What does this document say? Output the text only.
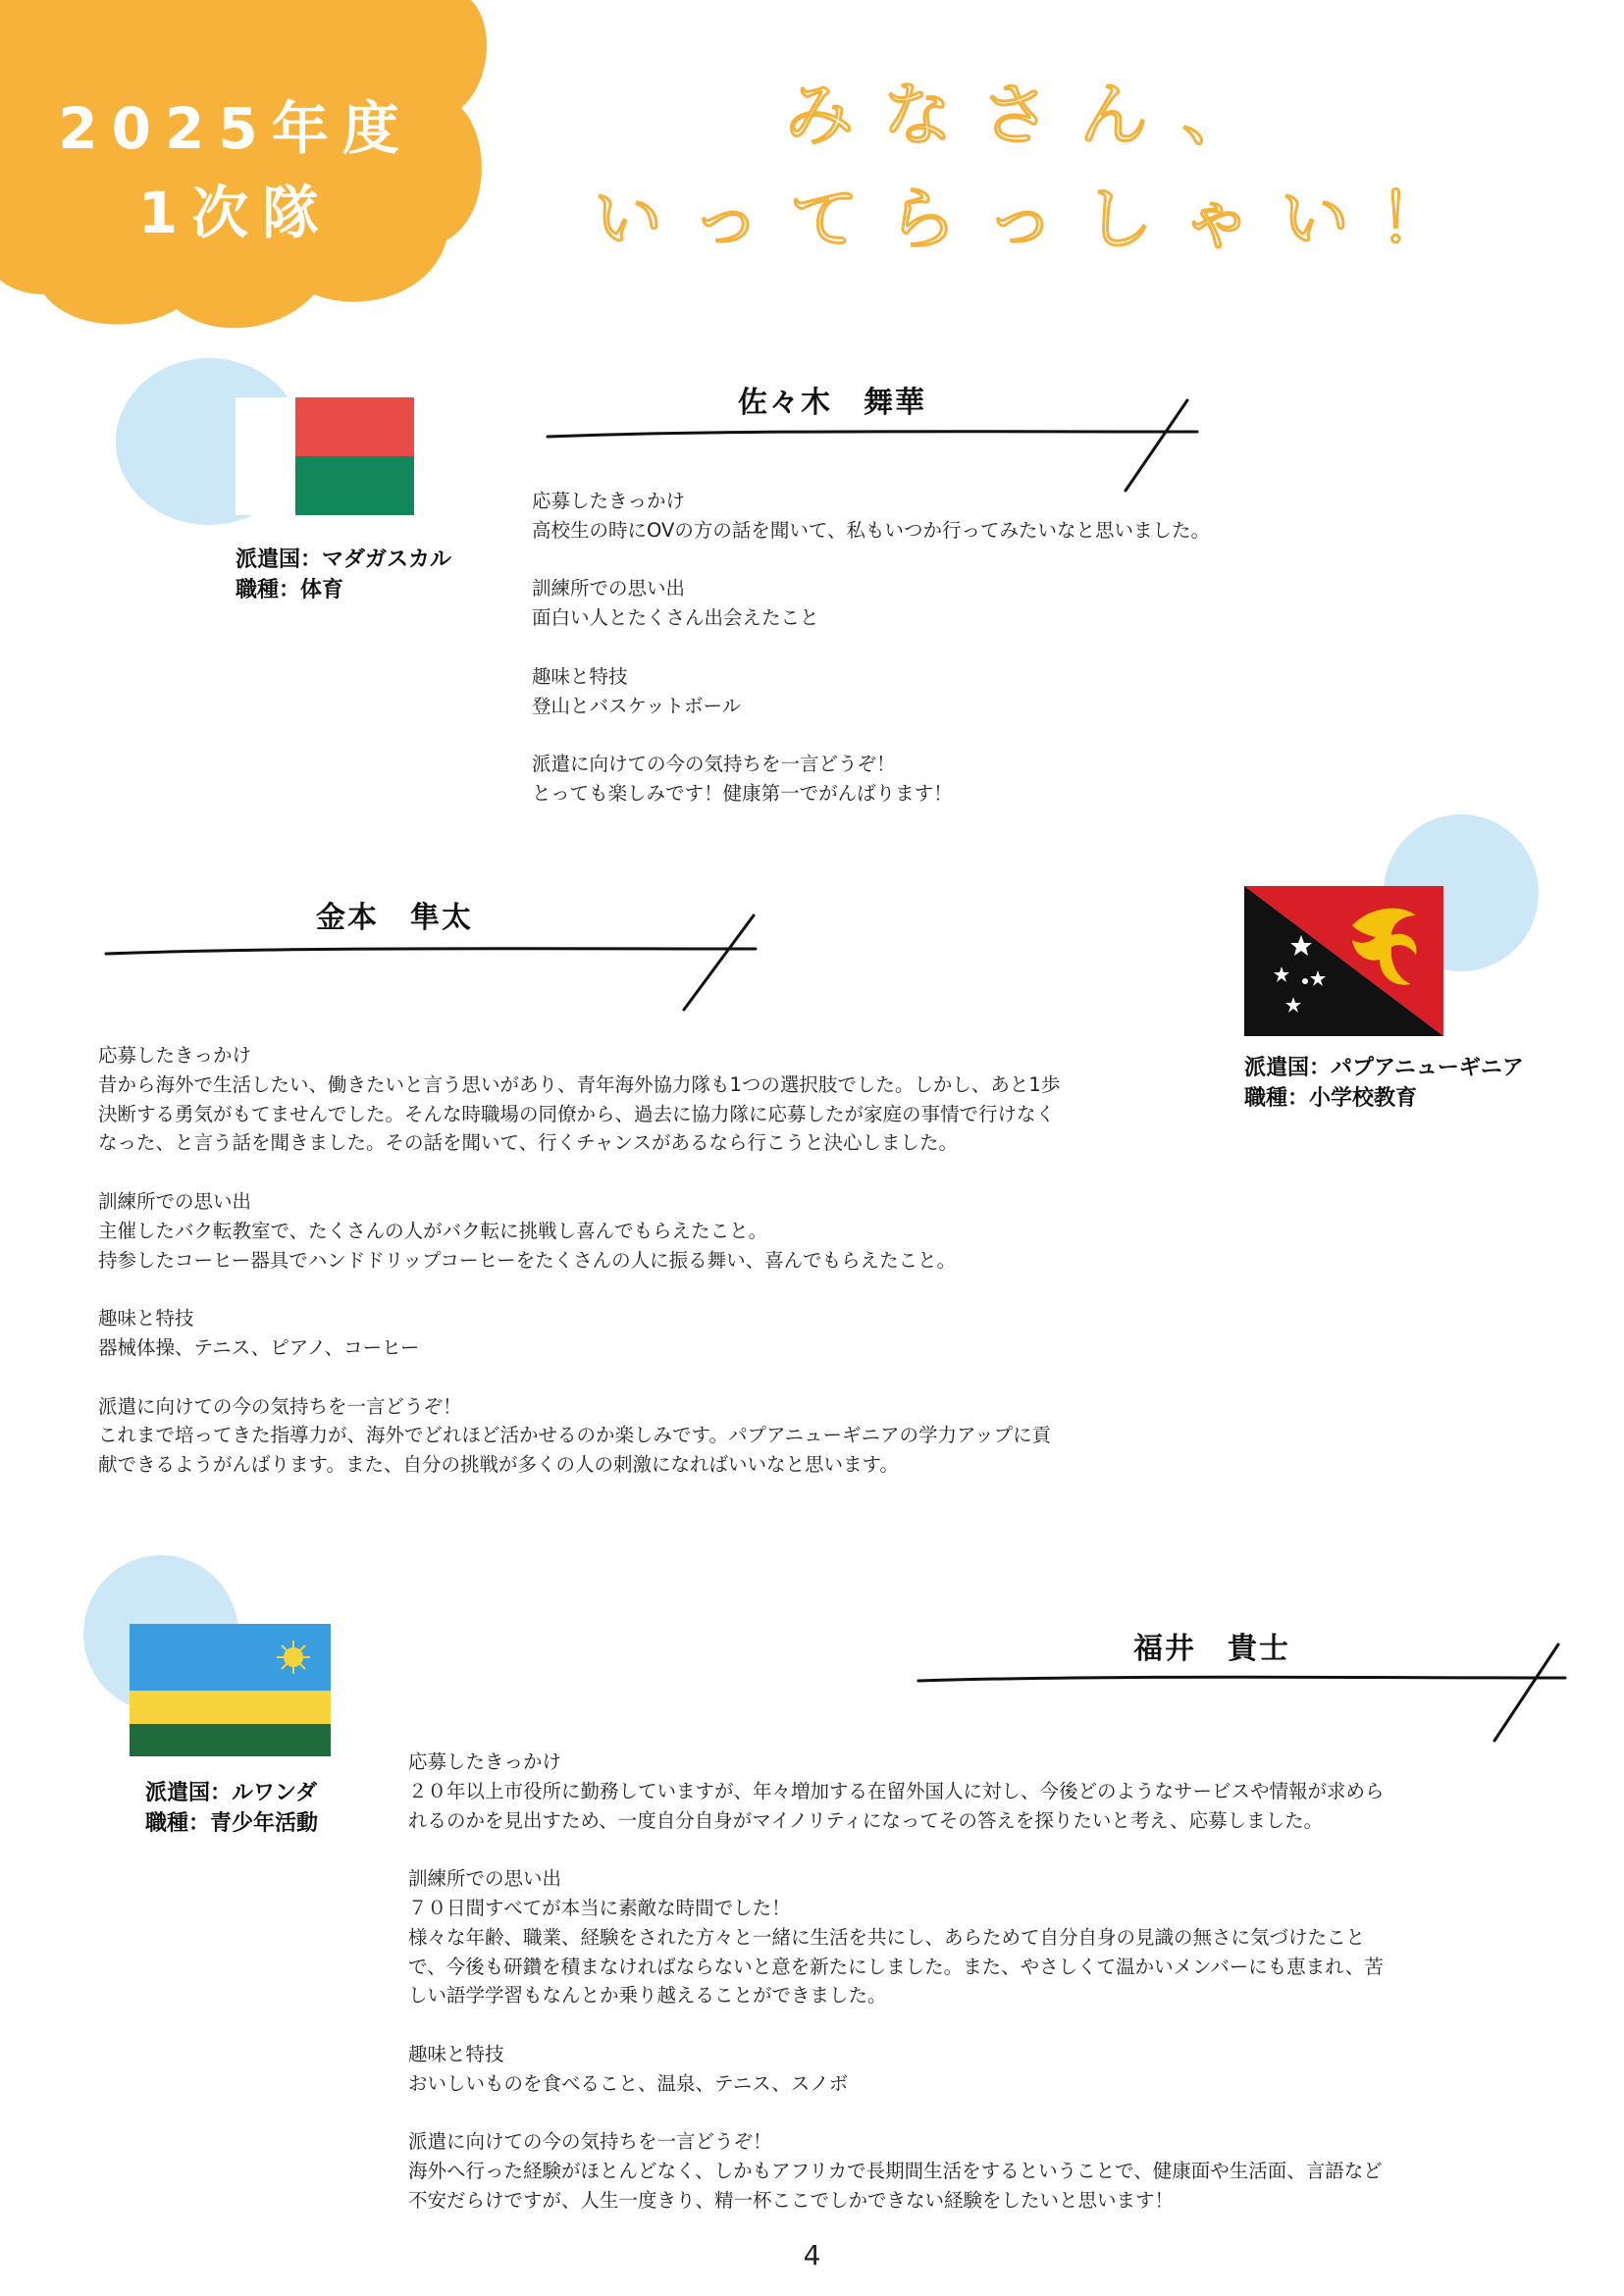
2025年度
1次隊
みなさん、
いってらっしゃい！
派遣国：マダガスカル
職種：体育
佐々木　舞華

応募したきっかけ

高校生の時にOVの方の話を聞いて、私もいつか行ってみたいなと思いました。

訓練所での思い出

面白い人とたくさん出会えたこと

趣味と特技

登山とバスケットボール

派遣に向けての今の気持ちを一言どうぞ！

とっても楽しみです！健康第一でがんばります！

金本　隼太
派遣国：パプアニューギニア
職種：小学校教育

応募したきっかけ

昔から海外で生活したい、働きたいと言う思いがあり、青年海外協力隊も1つの選択肢でした。しかし、あと1歩

決断する勇気がもてませんでした。そんな時職場の同僚から、過去に協力隊に応募したが家庭の事情で行けなく

なった、と言う話を聞きました。その話を聞いて、行くチャンスがあるなら行こうと決心しました。

訓練所での思い出

主催したバク転教室で、たくさんの人がバク転に挑戦し喜んでもらえたこと。

持参したコーヒー器具でハンドドリップコーヒーをたくさんの人に振る舞い、喜んでもらえたこと。

趣味と特技

器械体操、テニス、ピアノ、コーヒー

派遣に向けての今の気持ちを一言どうぞ！

これまで培ってきた指導力が、海外でどれほど活かせるのか楽しみです。パプアニューギニアの学力アップに貢

献できるようがんばります。また、自分の挑戦が多くの人の刺激になればいいなと思います。

派遣国：ルワンダ
職種：青少年活動
福井　貴士

応募したきっかけ

２０年以上市役所に勤務していますが、年々増加する在留外国人に対し、今後どのようなサービスや情報が求めら

れるのかを見出すため、一度自分自身がマイノリティになってその答えを探りたいと考え、応募しました。

訓練所での思い出

７０日間すべてが本当に素敵な時間でした！

様々な年齢、職業、経験をされた方々と一緒に生活を共にし、あらためて自分自身の見識の無さに気づけたこと

で、今後も研鑽を積まなければならないと意を新たにしました。また、やさしくて温かいメンバーにも恵まれ、苦

しい語学学習もなんとか乗り越えることができました。

趣味と特技

おいしいものを食べること、温泉、テニス、スノボ

派遣に向けての今の気持ちを一言どうぞ！

海外へ行った経験がほとんどなく、しかもアフリカで長期間生活をするということで、健康面や生活面、言語など

不安だらけですが、人生一度きり、精一杯ここでしかできない経験をしたいと思います！

4
